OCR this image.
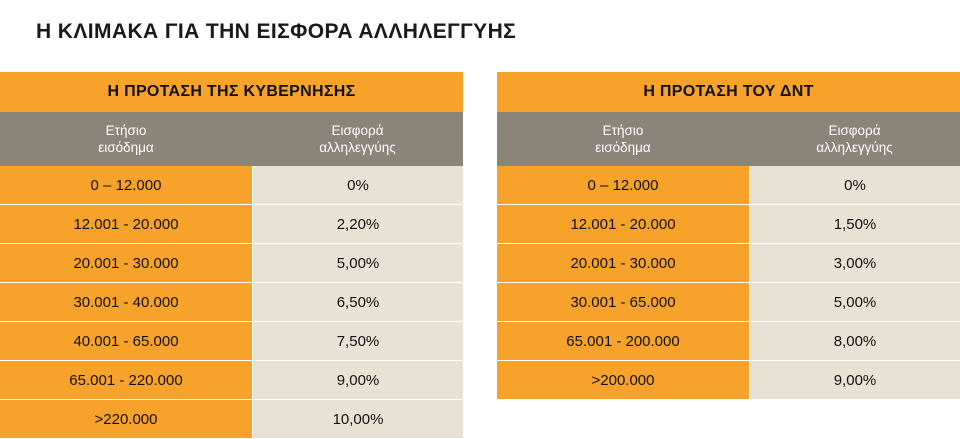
Η ΚΛΙΜΑΚΑ ΓΙΑ ΤΗΝ ΕΙΣΦΟΡΑ ΑΛΛΗΛΕΓΓΥΗΣ
Η ΠΡΟΤΑΣΗ ΤΗΣ ΚΥΒΕΡΝΗΣΗΣ
Ετήσιο
εισόδημα
Εισφορά
αλληλεγγύης
0 – 12.000	0%
12.001 - 20.000	2,20%
20.001 - 30.000	5,00%
30.001 - 40.000	6,50%
40.001 - 65.000	7,50%
65.001 - 220.000	9,00%
>220.000	10,00%
Η ΠΡΟΤΑΣΗ ΤΟΥ ΔΝΤ
Ετήσιο
εισόδημα
Εισφορά
αλληλεγγύης
0 – 12.000	0%
12.001 - 20.000	1,50%
20.001 - 30.000	3,00%
30.001 - 65.000	5,00%
65.001 - 200.000	8,00%
>200.000	9,00%
